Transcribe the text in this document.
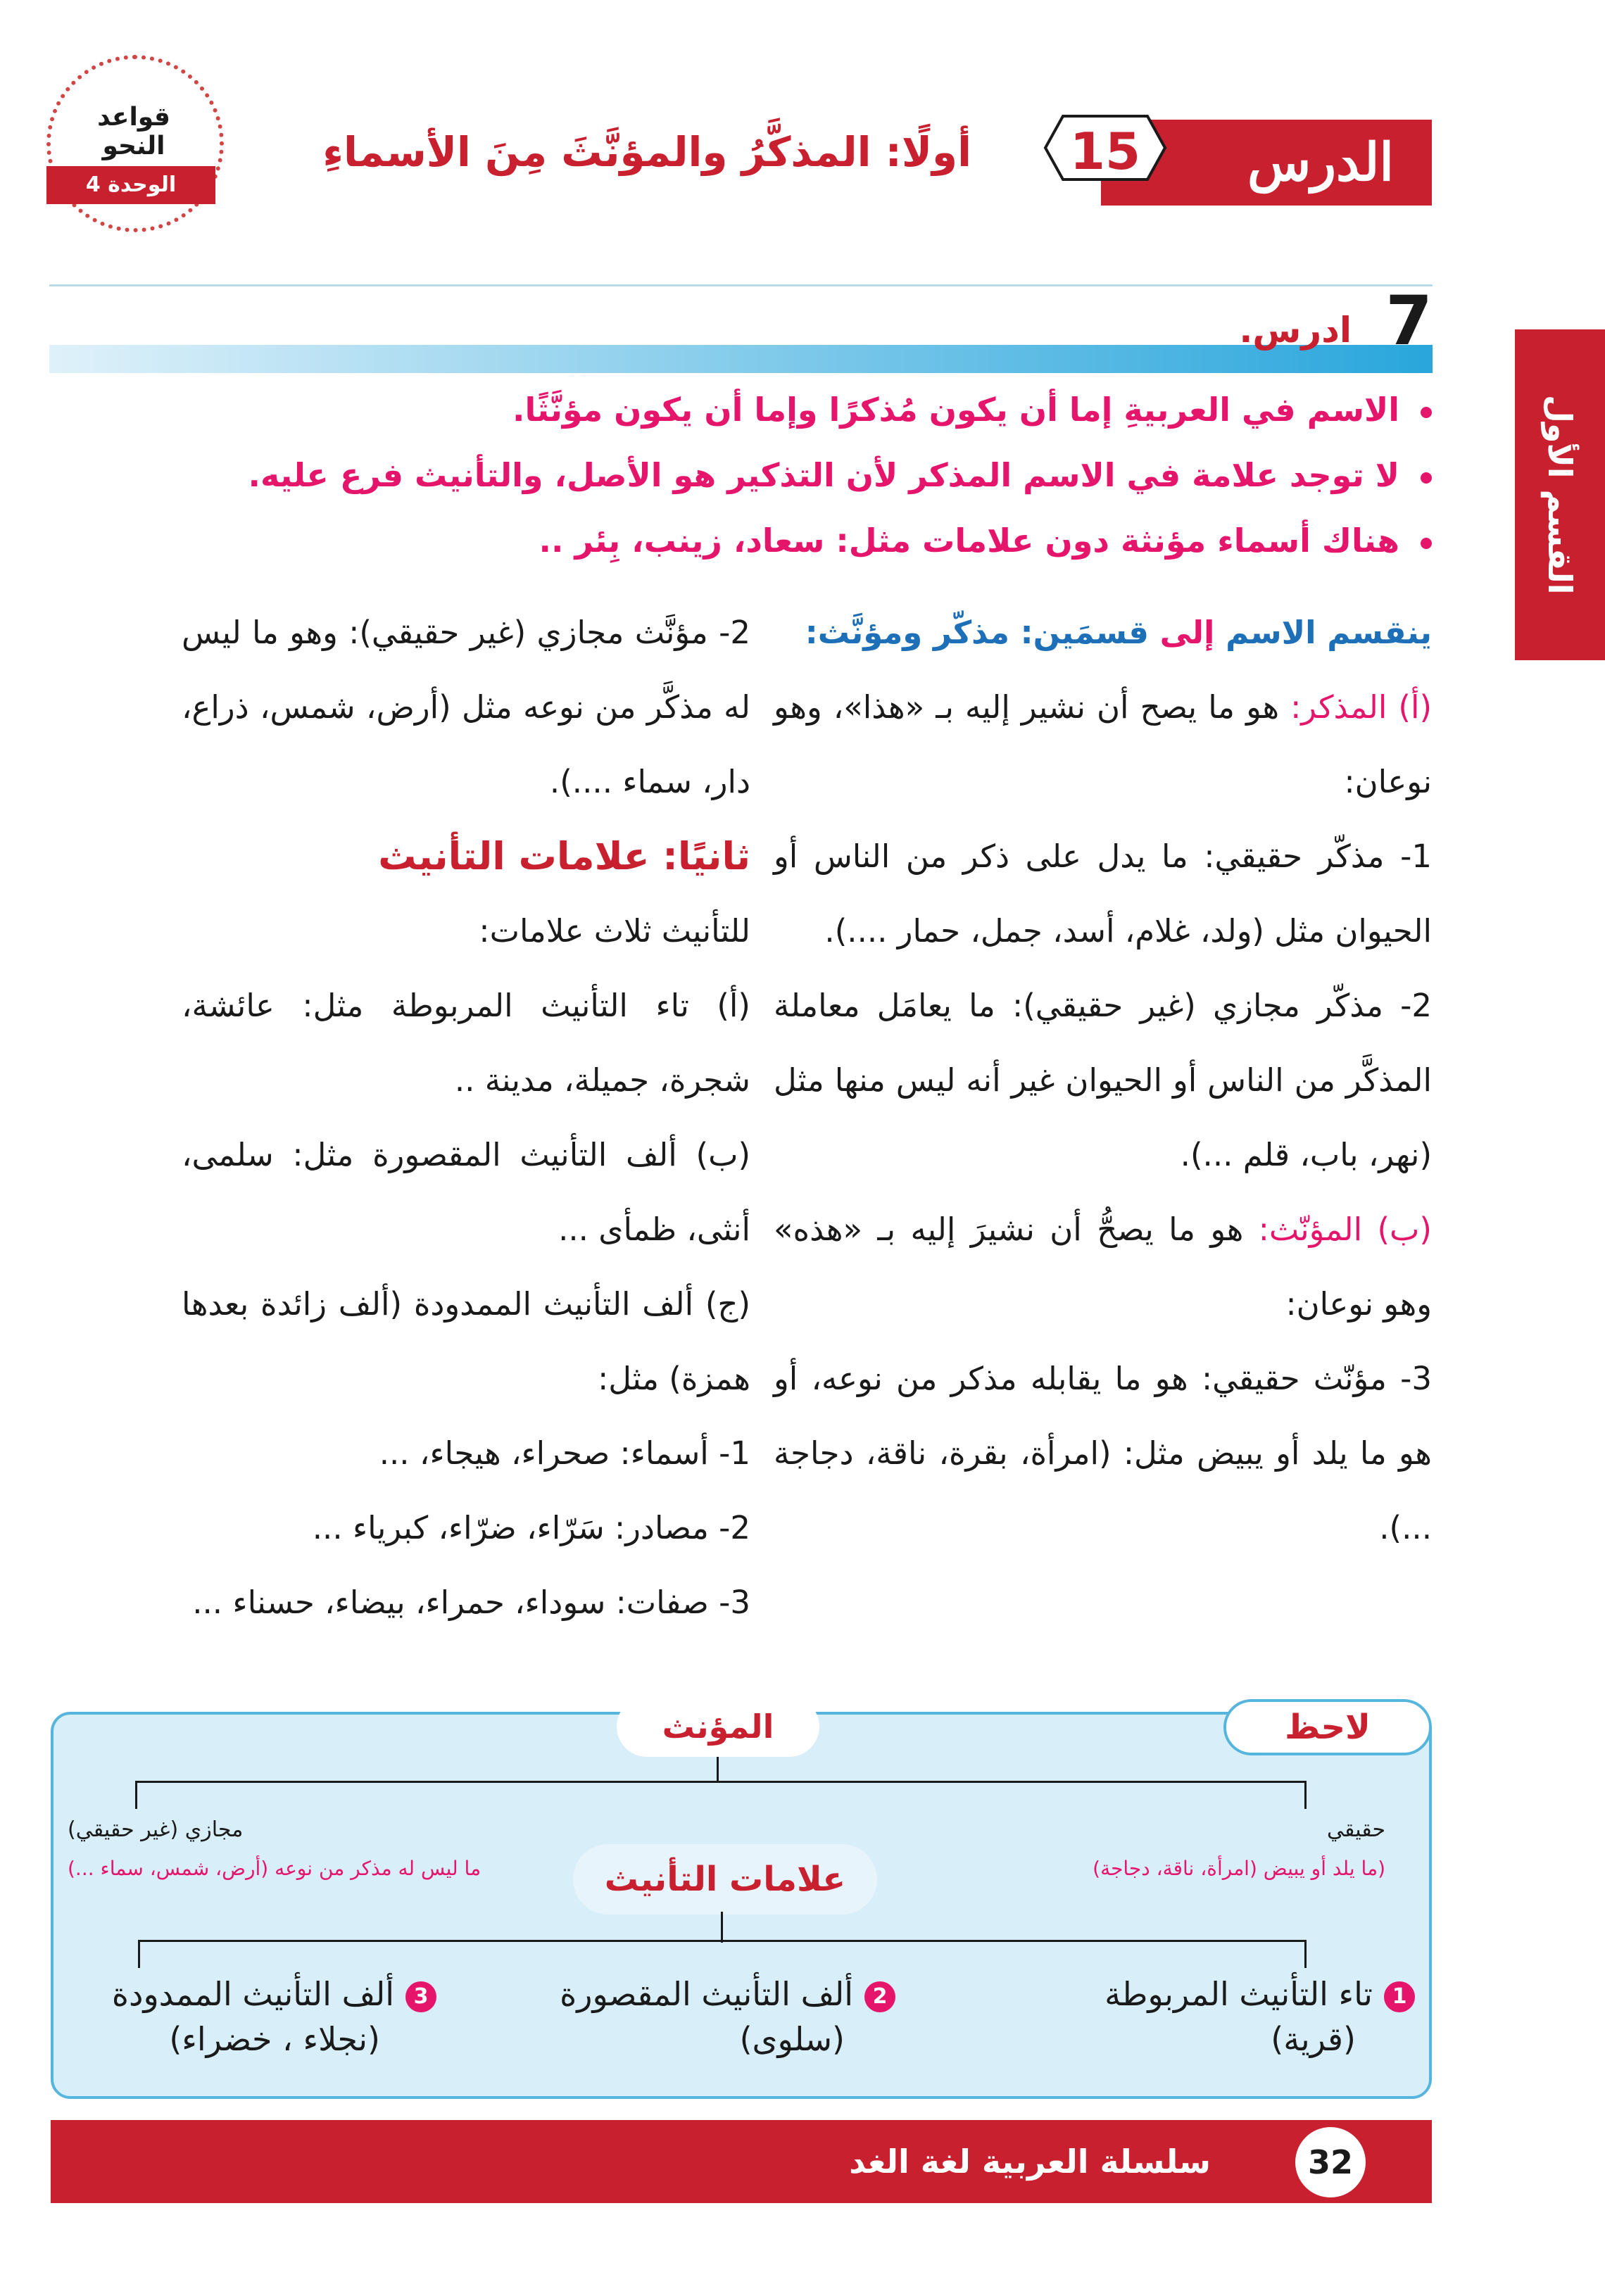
قواعد النحو
الوحدة 4	الدرس
15
أولًا: المذكَّرُ والمؤنَّثَ مِنَ الأسماءِ
القسم الأول
7
ادرس.
الاسم في العربيةِ إما أن يكون مُذكرًا وإما أن يكون مؤنَّثًا.
لا توجد علامة في الاسم المذكر لأن التذكير هو الأصل، والتأنيث فرع عليه.
هناك أسماء مؤنثة دون علامات مثل: سعاد، زينب، بِئر ..

ينقسم الاسم إلى قسمَين: مذكّر ومؤنَّث:

(أ) المذكر: هو ما يصح أن نشير إليه بـ «هذا»، وهو نوعان:

1- مذكّر حقيقي: ما يدل على ذكر من الناس أو الحيوان مثل (ولد، غلام، أسد، جمل، حمار ....).

2- مذكّر مجازي (غير حقيقي): ما يعامَل معاملة المذكَّر من الناس أو الحيوان غير أنه ليس منها مثل (نهر، باب، قلم ...).

(ب) المؤنّث: هو ما يصحُّ أن نشيرَ إليه بـ «هذه» وهو نوعان:

3- مؤنّث حقيقي: هو ما يقابله مذكر من نوعه، أو هو ما يلد أو يبيض مثل: (امرأة، بقرة، ناقة، دجاجة ...).

2- مؤنَّث مجازي (غير حقيقي): وهو ما ليس له مذكَّر من نوعه مثل (أرض، شمس، ذراع، دار، سماء ....).

ثانيًا: علامات التأنيث

للتأنيث ثلاث علامات:

(أ) تاء التأنيث المربوطة مثل: عائشة، شجرة، جميلة، مدينة ..

(ب) ألف التأنيث المقصورة مثل: سلمى، أنثى، ظمأى ...

(ج) ألف التأنيث الممدودة (ألف زائدة بعدها همزة) مثل:

1- أسماء: صحراء، هيجاء، ...

2- مصادر: سَرّاء، ضرّاء، كبرياء ...

3- صفات: سوداء، حمراء، بيضاء، حسناء ...

لاحظ
المؤنث
حقيقي
(ما يلد أو يبيض (امرأة، ناقة، دجاجة)
مجازي (غير حقيقي)
ما ليس له مذكر من نوعه (أرض، شمس، سماء ...)	علامات التأنيث
1تاء التأنيث المربوطة
(قرية)
2ألف التأنيث المقصورة
(سلوى)
3ألف التأنيث الممدودة
(نجلاء ، خضراء)
سلسلة العربية لغة الغد	32
